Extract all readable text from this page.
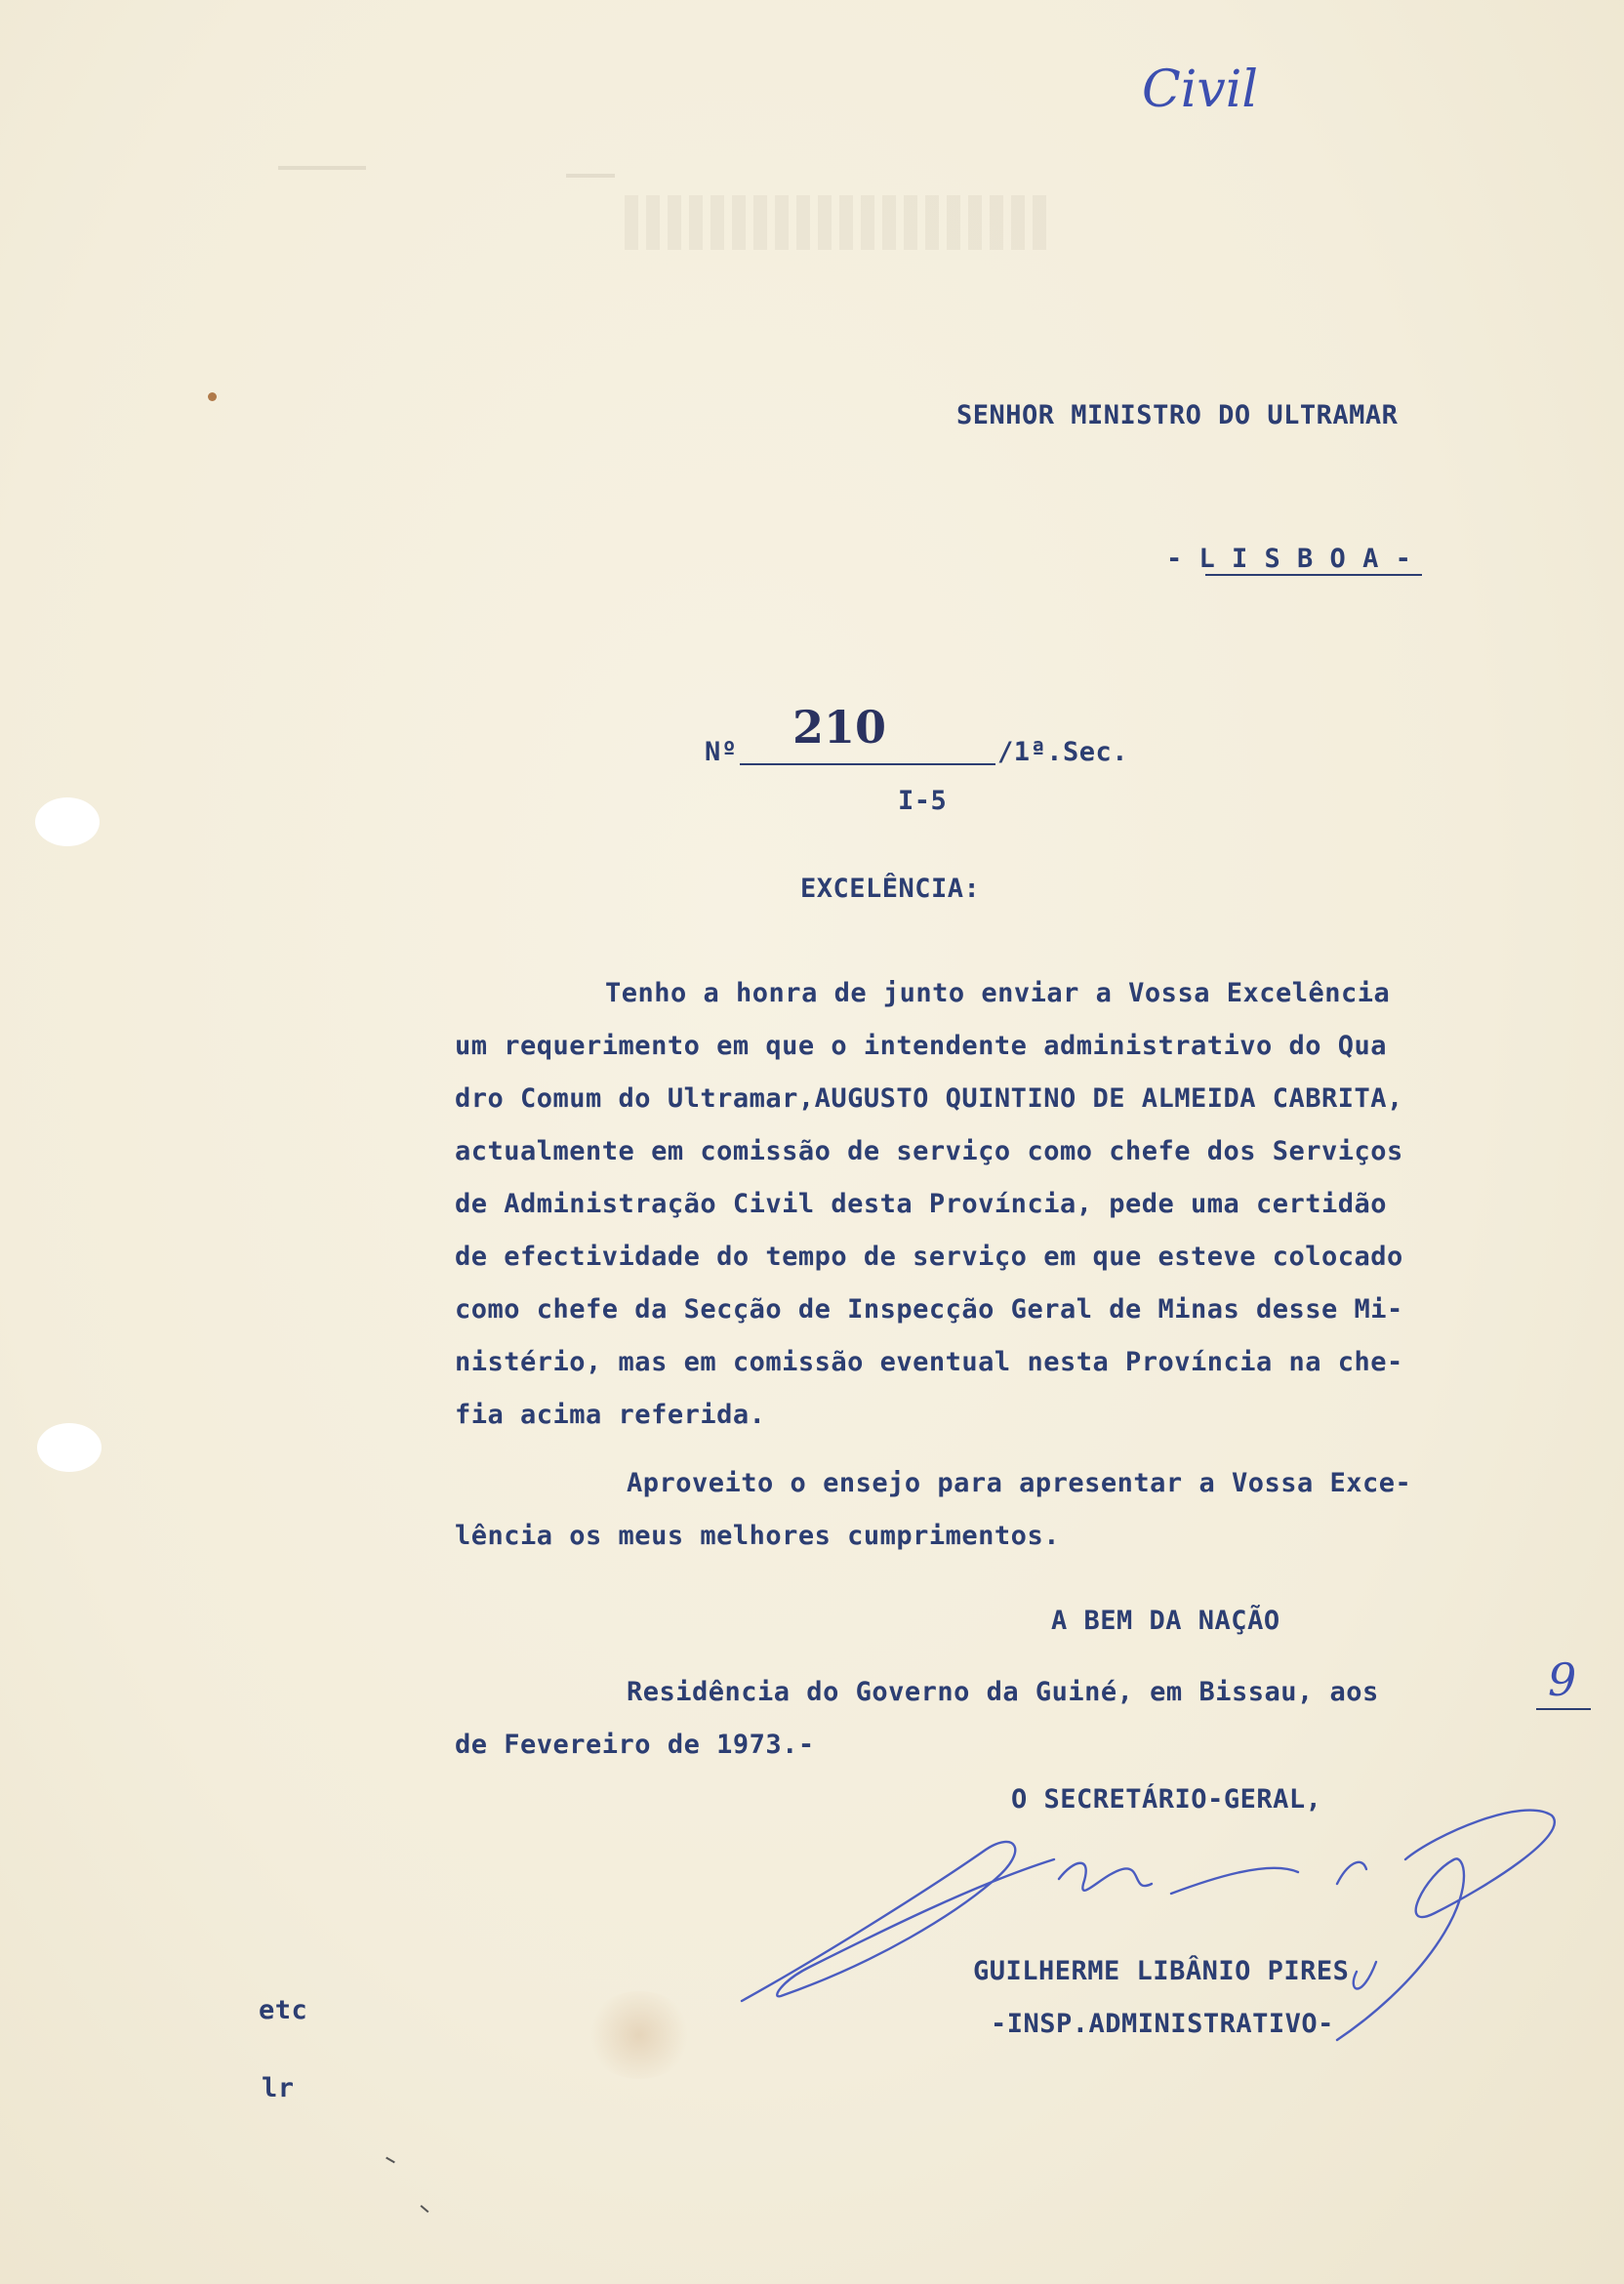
Civil
SENHOR MINISTRO DO ULTRAMAR
- L I S B O A -
Nº 210	/1ª.Sec.
I-5
EXCELÊNCIA:
Tenho a honra de junto enviar a Vossa Excelência
um requerimento em que o intendente administrativo do Qua
dro Comum do Ultramar,AUGUSTO QUINTINO DE ALMEIDA CABRITA,
actualmente em comissão de serviço como chefe dos Serviços
de Administração Civil desta Província, pede uma certidão
de efectividade do tempo de serviço em que esteve colocado
como chefe da Secção de Inspecção Geral de Minas desse Mi-
nistério, mas em comissão eventual nesta Província na che-
fia acima referida.
Aproveito o ensejo para apresentar a Vossa Exce-
lência os meus melhores cumprimentos.
A BEM DA NAÇÃO
Residência do Governo da Guiné, em Bissau, aos	9
de Fevereiro de 1973.-
O SECRETÁRIO-GERAL,
GUILHERME LIBÂNIO PIRES
-INSP.ADMINISTRATIVO-
etc
lr
